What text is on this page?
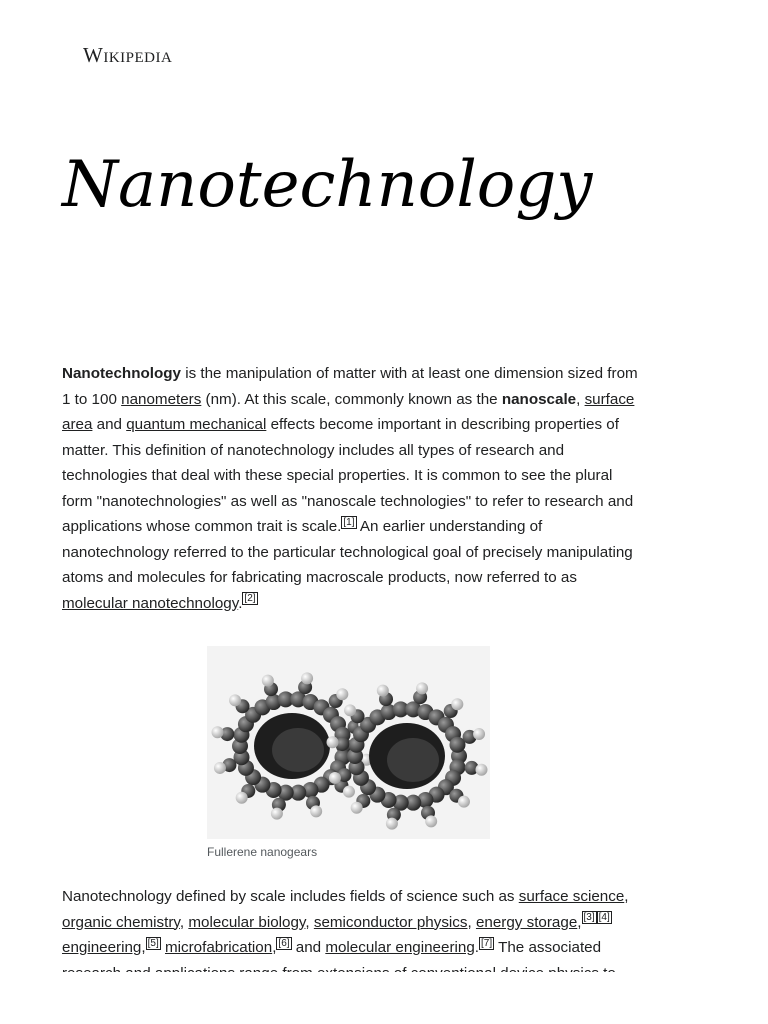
Wikipedia
Nanotechnology

Nanotechnology is the manipulation of matter with at least one dimension sized from 1 to 100 nanometers (nm). At this scale, commonly known as the nanoscale, surface area and quantum mechanical effects become important in describing properties of matter. This definition of nanotechnology includes all types of research and technologies that deal with these special properties. It is common to see the plural form "nanotechnologies" as well as "nanoscale technologies" to refer to research and applications whose common trait is scale. [1] An earlier understanding of nanotechnology referred to the particular technological goal of precisely manipulating atoms and molecules for fabricating macroscale products, now referred to as molecular nanotechnology. [2]

Fullerene nanogears

Nanotechnology defined by scale includes fields of science such as surface science, organic chemistry, molecular biology, semiconductor physics, energy storage, [3] [4] engineering, [5] microfabrication, [6] and molecular engineering. [7] The associated
